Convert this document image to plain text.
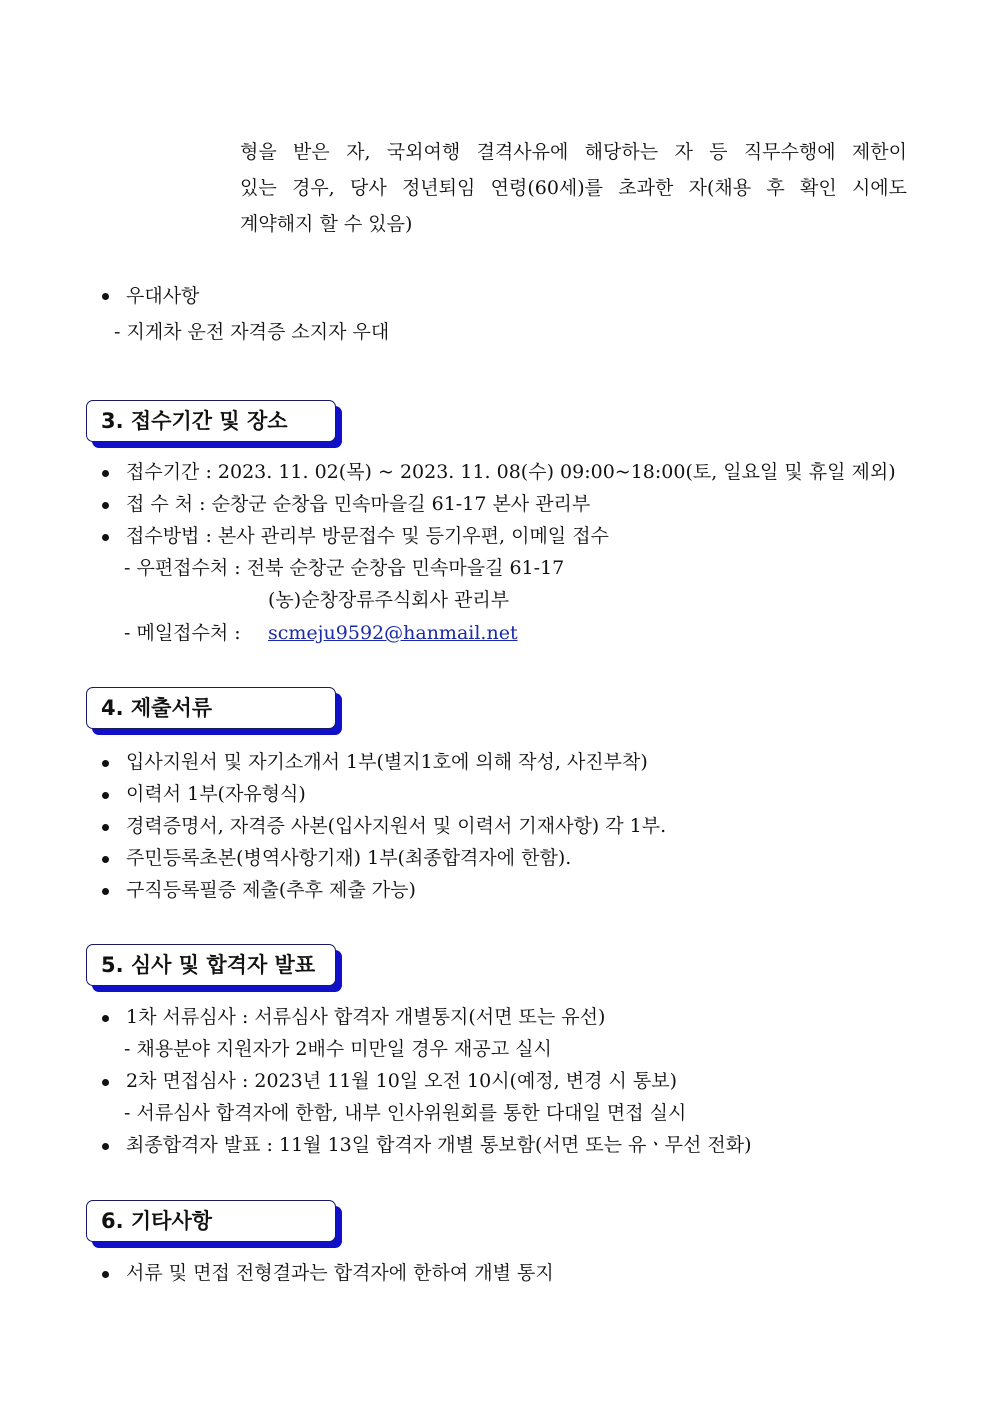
형을 받은 자, 국외여행 결격사유에 해당하는 자 등 직무수행에 제한이
있는 경우, 당사 정년퇴임 연령(60세)를 초과한 자(채용 후 확인 시에도
계약해지 할 수 있음)
우대사항
- 지게차 운전 자격증 소지자 우대
3. 접수기간 및 장소
접수기간 : 2023. 11. 02(목) ~ 2023. 11. 08(수) 09:00~18:00(토, 일요일 및 휴일 제외)
접 수 처 : 순창군 순창읍 민속마을길 61-17 본사 관리부
접수방법 : 본사 관리부 방문접수 및 등기우편, 이메일 접수
- 우편접수처 : 전북 순창군 순창읍 민속마을길 61-17
(농)순창장류주식회사 관리부
- 메일접수처 : scmeju9592@hanmail.net
4. 제출서류
입사지원서 및 자기소개서 1부(별지1호에 의해 작성, 사진부착)
이력서 1부(자유형식)
경력증명서, 자격증 사본(입사지원서 및 이력서 기재사항) 각 1부.
주민등록초본(병역사항기재) 1부(최종합격자에 한함).
구직등록필증 제출(추후 제출 가능)
5. 심사 및 합격자 발표
1차 서류심사 : 서류심사 합격자 개별통지(서면 또는 유선)
- 채용분야 지원자가 2배수 미만일 경우 재공고 실시
2차 면접심사 : 2023년 11월 10일 오전 10시(예정, 변경 시 통보)
- 서류심사 합격자에 한함, 내부 인사위원회를 통한 다대일 면접 실시
최종합격자 발표 : 11월 13일 합격자 개별 통보함(서면 또는 유ㆍ무선 전화)
6. 기타사항
서류 및 면접 전형결과는 합격자에 한하여 개별 통지
